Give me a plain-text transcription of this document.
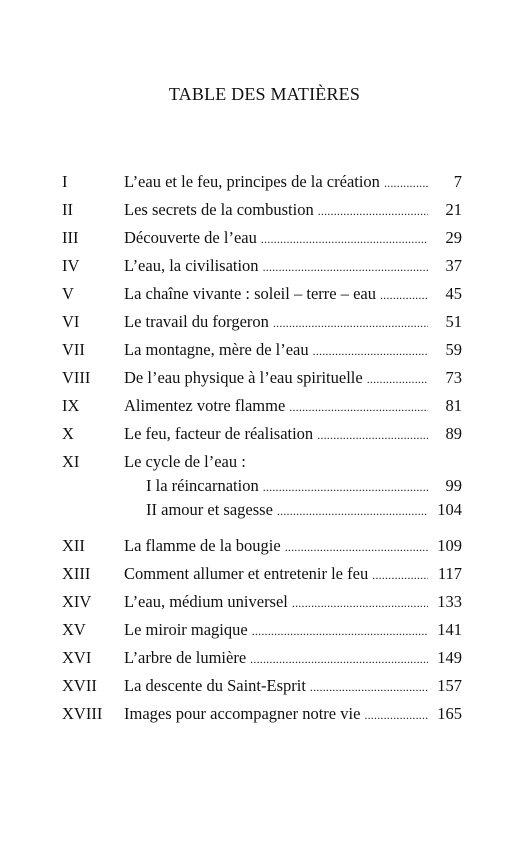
TABLE DES MATIÈRES
I	L’eau et le feu, principes de la création . . .	7
II	Les secrets de la combustion . . .	21
III	Découverte de l’eau . . .	29
IV	L’eau, la civilisation . . .	37
V	La chaîne vivante : soleil – terre – eau . . .	45
VI	Le travail du forgeron . . .	51
VII La montagne, mère de l’eau . . .	59
VIII De l’eau physique à l’eau spirituelle . . .	73
IX	Alimentez votre flamme . . .	81
X	Le feu, facteur de réalisation . . .	89
XI	Le cycle de l’eau :
I la réincarnation . . .	99
II amour et sagesse . . .	104
XII La flamme de la bougie . . .	109
XIII Comment allumer et entretenir le feu . . .	117
XIV L’eau, médium universel . . .	133
XV Le miroir magique . . .	141
XVI L’arbre de lumière . . .	149
XVII La descente du Saint-Esprit . . .	157
XVIII Images pour accompagner notre vie . . .	165
